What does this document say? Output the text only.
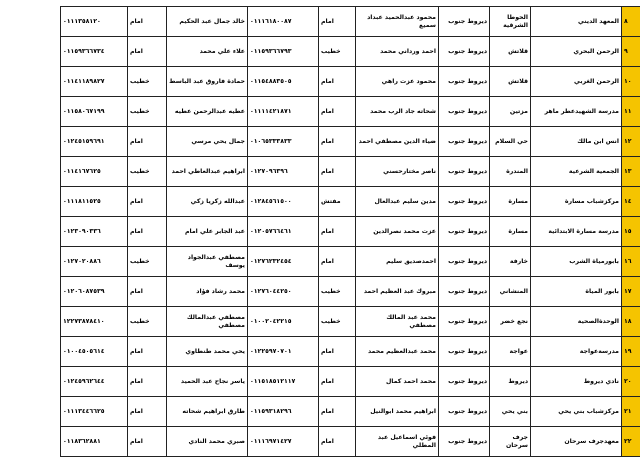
٠١١١٣٥٨١٢٠	امام	خالد جمال عبد الحكيم	٠١١١٦١٨٠٠٨٧	امام	محمود عبدالحميد عبداد سميع	ديروط جنوب	الحوطا الشرقية	المعهد الديني	٨
٠١١٥٩٣٦٦٧٣٤	امام	علاء علي محمد	٠١١٥٩٣٦٦٧٩٣	خطيب	احمد ورداني محمد	ديروط جنوب	قلاتش	الرحمن البحري	٩
٠١١٤١١٨٩٨٢٧	خطيب	حمادة فاروق عبد الباسط	٠١١٥٤٨٨٣٥٠٥	امام	محمود عزت راهي	ديروط جنوب	قلاتش	الرحمن الغربي	١٠
٠١١٥٨٠٦٧١٩٩	خطيب	عطيه عبدالرحمن عطيه	٠١١١١٤٢١٨٧١	امام	شحاته جاد الرب محمد	ديروط جنوب	مزتين	مدرسة الشهيدعطر ماهر	١١
٠١٢٤٥١٥٩٦٩١	امام	جمال يحي مرسي	٠١٠٦٥٣٣٣٨٣٣	امام	ضياء الدين مصطفي احمد	ديروط جنوب	حي السلام	انس ابن مالك	١٢
٠١١٤١٦٧٦٢٥	خطيب	ابراهيم عبدالعاطي احمد	٠١٢٧٠٩٦٣٩٦	امام	ناصر مختارحسني	ديروط جنوب	المندرة	الجمعية الشرعية	١٣
٠١١١٨١١٥٢٥	امام	عبدالله زكريا زكي	٠١٢٨٤٥٦١٥٠٠	مفتش	مدين سليم عبدالعال	ديروط جنوب	مسارة	مركزشباب مسارة	١٤
٠١٢٣٠٩٠٣٣٦	امام	عبد الجابر علي امام	٠١٢٠٥٧٦٦٤٦١	امام	عزت محمد نصرالدين	ديروط جنوب	مسارة	مدرسة مسارة الابتدائية	١٥
٠١٢٧٠٢٠٨٨٦	خطيب	مصطفي عبدالجواد يوسف	٠١٢٧٦٢٣٢٤٥٤	امام	احمدصديق سليم	ديروط جنوب	خارفة	بابورمياة الشرب	١٦
٠١٢٠٦٠٨٧٥٣٩	امام	محمد رشاد فؤاد	٠١٢٧٦٠٤٤٢٥٠	خطيب	مبروك عبد العظيم احمد	ديروط جنوب	المنشاني	بابور المياة	١٧
١٢٢٧٣٨٧٨٤١٠	خطيب	مصطفي عبدالمالك مصطفي	٠١٠٠٢٠٤٢٢١٥	خطيب	محمد عبد المالك مصطفي	ديروط جنوب	نجع خضر	الوحدةالصحية	١٨
٠١٠٠٤٥٠٥٦١٤	امام	يحي محمد طنطاوي	٠١٢٢٥٩٧٠٧٠١	امام	محمد عبدالعظيم محمد	ديروط جنوب	عواجة	مدرسةعواجة	١٩
٠١٢٤٥٩٦٢٦٤٤	امام	ياسر نجاح عبد الحميد	٠١١٥١٨٥١٢١١٧	امام	محمد احمد كمال	ديروط جنوب	ديروط	نادي ديروط	٢٠
٠١١١٣٤٤٦٦٢٥	امام	طارق ابراهيم شحاته	٠١١٥٩٣١٨٢٩٦	امام	ابراهيم محمد ابوالنيل	ديروط جنوب	بني يحي	مركزشباب بني يحي	٢١
٠١١٨٣٦٢٨٨١	امام	صبري محمد النادي	٠١١١٦٩٧١٤٢٧	امام	فوئي اسماعيل عبد المطلي	ديروط جنوب	جرف سرحان	معهدجرف سرحان	٢٢
